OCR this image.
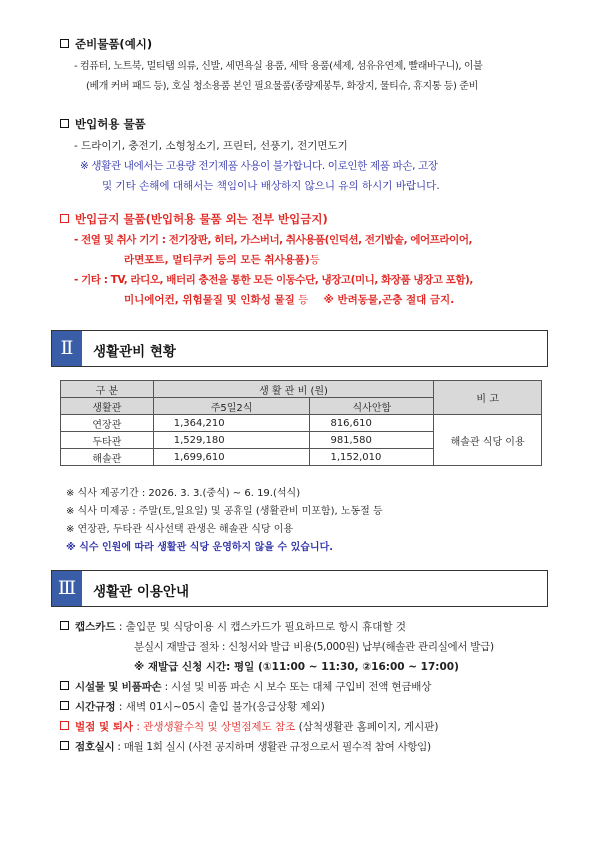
준비물품(예시)
- 컴퓨터, 노트북, 멀티탭 의류, 신발, 세면욕실 용품, 세탁 용품(세제, 섬유유연제, 빨래바구니), 이불
(베개 커버 패드 등), 호실 청소용품 본인 필요물품(종량제봉투, 화장지, 물티슈, 휴지통 등) 준비
반입허용 물품
- 드라이기, 충전기, 소형청소기, 프린터, 선풍기, 전기면도기
※ 생활관 내에서는 고용량 전기제품 사용이 불가합니다. 이로인한 제품 파손, 고장
및 기타 손해에 대해서는 책임이나 배상하지 않으니 유의 하시기 바랍니다.
반입금지 물품(반입허용 물품 외는 전부 반입금지)
- 전열 및 취사 기기 : 전기장판, 히터, 가스버너, 취사용품(인덕션, 전기밥솥, 에어프라이어,
라면포트, 멀티쿠커 등의 모든 취사용품)등
- 기타 : TV, 라디오, 배터리 충전을 통한 모든 이동수단, 냉장고(미니, 화장품 냉장고 포함),
미니에어컨, 위험물질 및 인화성 물질 등 ※ 반려동물,곤충 절대 금지.
Ⅱ	생활관비 현황
구 분	생 활 관 비 (원)		비 고
생활관	주5일2식	식사안함	
연장관	1,364,210	816,610	해솔관 식당 이용
두타관	1,529,180	981,580	
해솔관	1,699,610	1,152,010	
※ 식사 제공기간 : 2026. 3. 3.(중식) ~ 6. 19.(석식)
※ 식사 미제공 : 주말(토,일요일) 및 공휴일 (생활관비 미포함), 노동절 등
※ 연장관, 두타관 식사선택 관생은 해솔관 식당 이용
※ 식수 인원에 따라 생활관 식당 운영하지 않을 수 있습니다.
Ⅲ	생활관 이용안내
캡스카드 : 출입문 및 식당이용 시 캡스카드가 필요하므로 항시 휴대할 것
분실시 재발급 절차 : 신청서와 발급 비용(5,000원) 납부(해솔관 관리실에서 발급)
※ 재발급 신청 시간: 평일 (①11:00 ~ 11:30, ②16:00 ~ 17:00)
시설물 및 비품파손 : 시설 및 비품 파손 시 보수 또는 대체 구입비 전액 현금배상
시간규정 : 새벽 01시~05시 출입 불가(응급상황 제외)
벌점 및 퇴사 : 관생생활수칙 및 상벌점제도 참조 (삼척생활관 홈페이지, 게시판)
점호실시 : 매월 1회 실시 (사전 공지하며 생활관 규정으로서 필수적 참여 사항임)
